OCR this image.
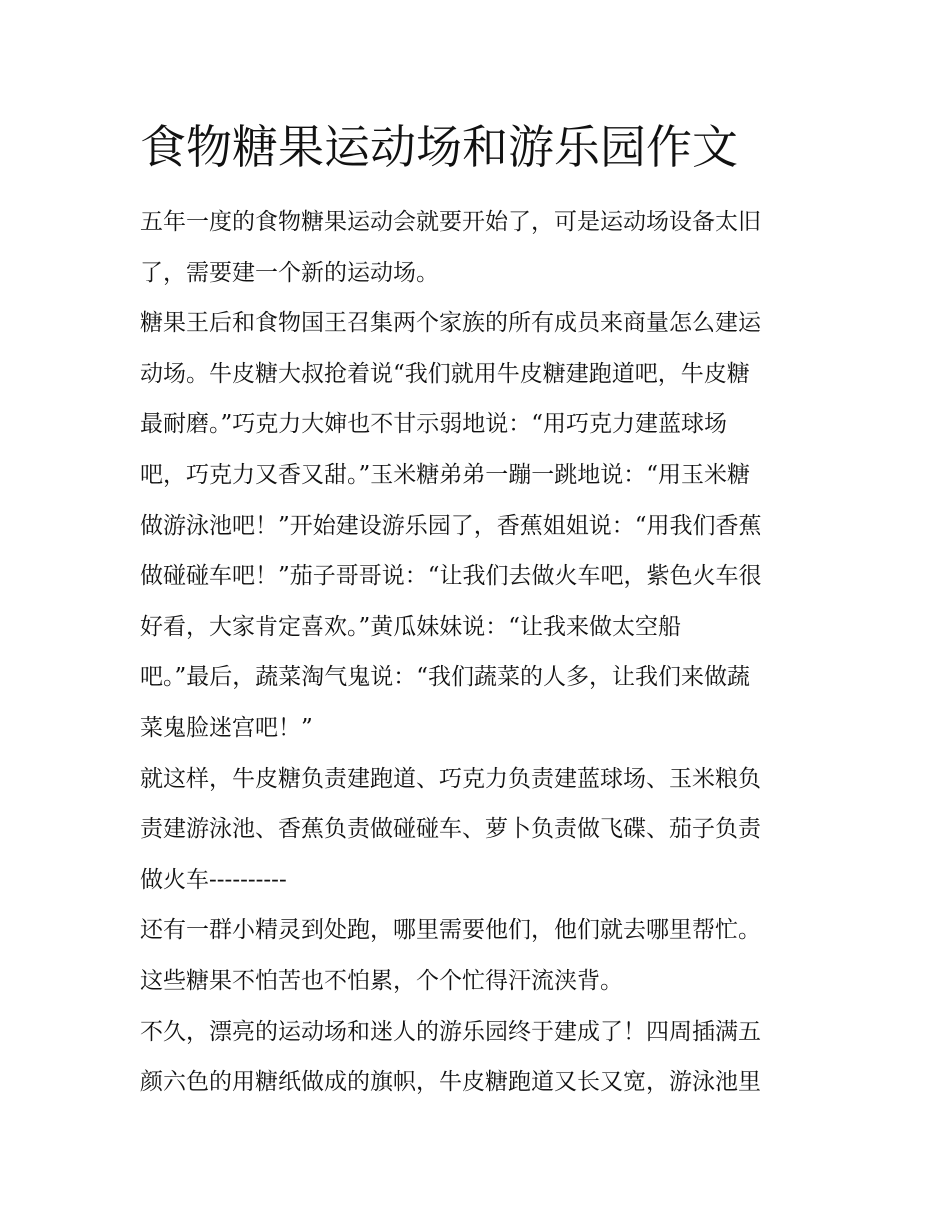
食物糖果运动场和游乐园作文
五年一度的食物糖果运动会就要开始了，可是运动场设备太旧
了，需要建一个新的运动场。
糖果王后和食物国王召集两个家族的所有成员来商量怎么建运
动场。牛皮糖大叔抢着说“我们就用牛皮糖建跑道吧，牛皮糖
最耐磨。”巧克力大婶也不甘示弱地说：“用巧克力建蓝球场
吧，巧克力又香又甜。”玉米糖弟弟一蹦一跳地说：“用玉米糖
做游泳池吧！”开始建设游乐园了，香蕉姐姐说：“用我们香蕉
做碰碰车吧！”茄子哥哥说：“让我们去做火车吧，紫色火车很
好看，大家肯定喜欢。”黄瓜妹妹说：“让我来做太空船
吧。”最后，蔬菜淘气鬼说：“我们蔬菜的人多，让我们来做蔬
菜鬼脸迷宫吧！”
就这样，牛皮糖负责建跑道、巧克力负责建蓝球场、玉米粮负
责建游泳池、香蕉负责做碰碰车、萝卜负责做飞碟、茄子负责
做火车----------
还有一群小精灵到处跑，哪里需要他们，他们就去哪里帮忙。
这些糖果不怕苦也不怕累，个个忙得汗流浃背。
不久，漂亮的运动场和迷人的游乐园终于建成了！四周插满五
颜六色的用糖纸做成的旗帜，牛皮糖跑道又长又宽，游泳池里
